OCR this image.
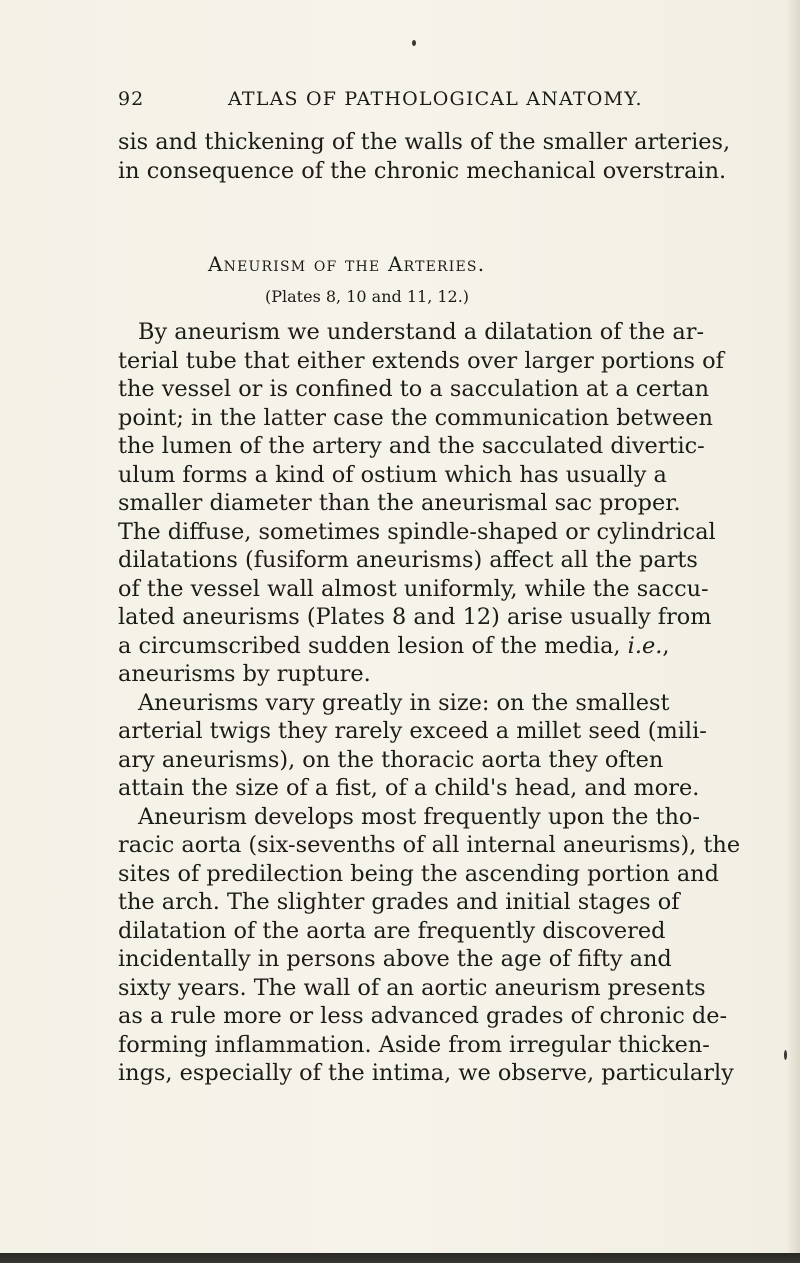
92	ATLAS OF PATHOLOGICAL ANATOMY.
sis and thickening of the walls of the smaller arteries,
in consequence of the chronic mechanical overstrain.
Aneurism of the Arteries.
(Plates 8, 10 and 11, 12.)
By aneurism we understand a dilatation of the ar-
terial tube that either extends over larger portions of
the vessel or is confined to a sacculation at a certan
point; in the latter case the communication between
the lumen of the artery and the sacculated divertic-
ulum forms a kind of ostium which has usually a
smaller diameter than the aneurismal sac proper.
The diffuse, sometimes spindle-shaped or cylindrical
dilatations (fusiform aneurisms) affect all the parts
of the vessel wall almost uniformly, while the saccu-
lated aneurisms (Plates 8 and 12) arise usually from
a circumscribed sudden lesion of the media, i.e.,
aneurisms by rupture.
Aneurisms vary greatly in size: on the smallest
arterial twigs they rarely exceed a millet seed (mili-
ary aneurisms), on the thoracic aorta they often
attain the size of a fist, of a child's head, and more.
Aneurism develops most frequently upon the tho-
racic aorta (six-sevenths of all internal aneurisms), the
sites of predilection being the ascending portion and
the arch. The slighter grades and initial stages of
dilatation of the aorta are frequently discovered
incidentally in persons above the age of fifty and
sixty years. The wall of an aortic aneurism presents
as a rule more or less advanced grades of chronic de-
forming inflammation. Aside from irregular thicken-
ings, especially of the intima, we observe, particularly
